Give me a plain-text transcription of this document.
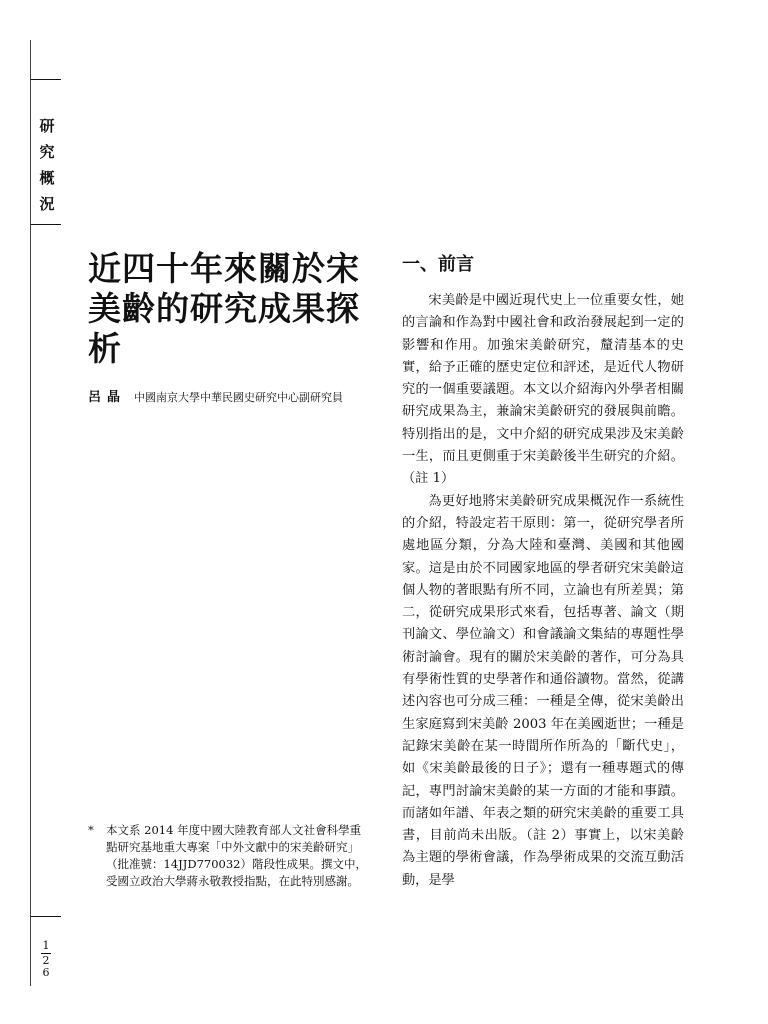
研
究
概
況
1
2
6
近四十年來關於宋美齡的研究成果探析
呂晶 中國南京大學中華民國史研究中心副研究員
* 本文系 2014 年度中國大陸教育部人文社會科學重點研究基地重大專案「中外文獻中的宋美齡研究」（批准號：14JJD770032）階段性成果。撰文中，受國立政治大學蔣永敬教授指點，在此特別感謝。
一、前言

宋美齡是中國近現代史上一位重要女性，她的言論和作為對中國社會和政治發展起到一定的影響和作用。加強宋美齡研究，釐清基本的史實，給予正確的歷史定位和評述，是近代人物研究的一個重要議題。本文以介紹海內外學者相關研究成果為主，兼論宋美齡研究的發展與前瞻。特別指出的是，文中介紹的研究成果涉及宋美齡一生，而且更側重于宋美齡後半生研究的介紹。（註 1）

為更好地將宋美齡研究成果概況作一系統性的介紹，特設定若干原則：第一，從研究學者所處地區分類，分為大陸和臺灣、美國和其他國家。這是由於不同國家地區的學者研究宋美齡這個人物的著眼點有所不同，立論也有所差異；第二，從研究成果形式來看，包括專著、論文（期刊論文、學位論文）和會議論文集結的專題性學術討論會。現有的關於宋美齡的著作，可分為具有學術性質的史學著作和通俗讀物。當然，從講述內容也可分成三種：一種是全傳，從宋美齡出生家庭寫到宋美齡 2003 年在美國逝世；一種是記錄宋美齡在某一時間所作所為的「斷代史」，如《宋美齡最後的日子》；還有一種專題式的傳記，專門討論宋美齡的某一方面的才能和事蹟。而諸如年譜、年表之類的研究宋美齡的重要工具書，目前尚未出版。（註 2）事實上，以宋美齡為主題的學術會議，作為學術成果的交流互動活動，是學
